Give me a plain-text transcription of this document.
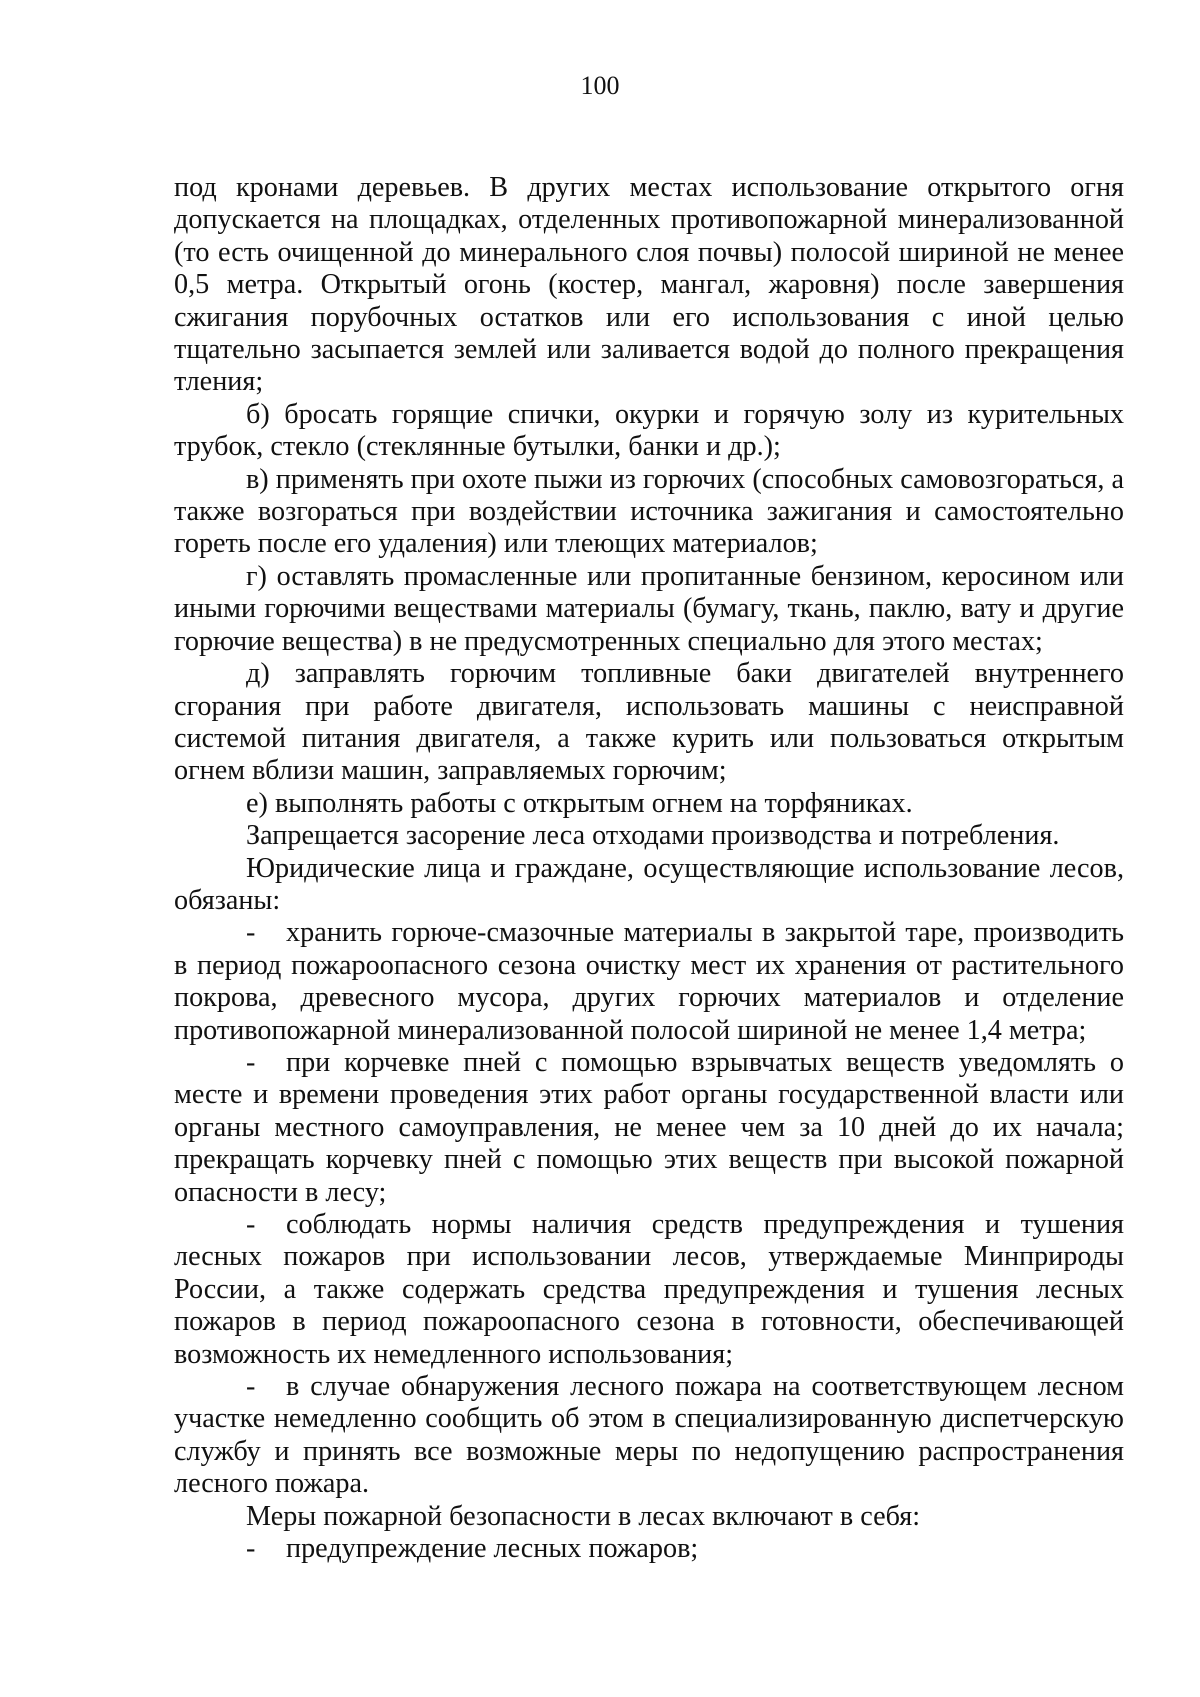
100

под кронами деревьев. В других местах использование открытого огня допускается на площадках, отделенных противопожарной минерализованной (то есть очищенной до минерального слоя почвы) полосой шириной не менее 0,5 метра. Открытый огонь (костер, мангал, жаровня) после завершения сжигания порубочных остатков или его использования с иной целью тщательно засыпается землей или заливается водой до полного прекращения тления;

б) бросать горящие спички, окурки и горячую золу из курительных трубок, стекло (стеклянные бутылки, банки и др.);

в) применять при охоте пыжи из горючих (способных самовозгораться, а также возгораться при воздействии источника зажигания и самостоятельно гореть после его удаления) или тлеющих материалов;

г) оставлять промасленные или пропитанные бензином, керосином или иными горючими веществами материалы (бумагу, ткань, паклю, вату и другие горючие вещества) в не предусмотренных специально для этого местах;

д) заправлять горючим топливные баки двигателей внутреннего сгорания при работе двигателя, использовать машины с неисправной системой питания двигателя, а также курить или пользоваться открытым огнем вблизи машин, заправляемых горючим;

е) выполнять работы с открытым огнем на торфяниках.

Запрещается засорение леса отходами производства и потребления.

Юридические лица и граждане, осуществляющие использование лесов, обязаны:

- хранить горюче-смазочные материалы в закрытой таре, производить в период пожароопасного сезона очистку мест их хранения от растительного покрова, древесного мусора, других горючих материалов и отделение противопожарной минерализованной полосой шириной не менее 1,4 метра;

- при корчевке пней с помощью взрывчатых веществ уведомлять о месте и времени проведения этих работ органы государственной власти или органы местного самоуправления, не менее чем за 10 дней до их начала; прекращать корчевку пней с помощью этих веществ при высокой пожарной опасности в лесу;

- соблюдать нормы наличия средств предупреждения и тушения лесных пожаров при использовании лесов, утверждаемые Минприроды России, а также содержать средства предупреждения и тушения лесных пожаров в период пожароопасного сезона в готовности, обеспечивающей возможность их немедленного использования;

- в случае обнаружения лесного пожара на соответствующем лесном участке немедленно сообщить об этом в специализированную диспетчерскую службу и принять все возможные меры по недопущению распространения лесного пожара.

Меры пожарной безопасности в лесах включают в себя:

- предупреждение лесных пожаров;
